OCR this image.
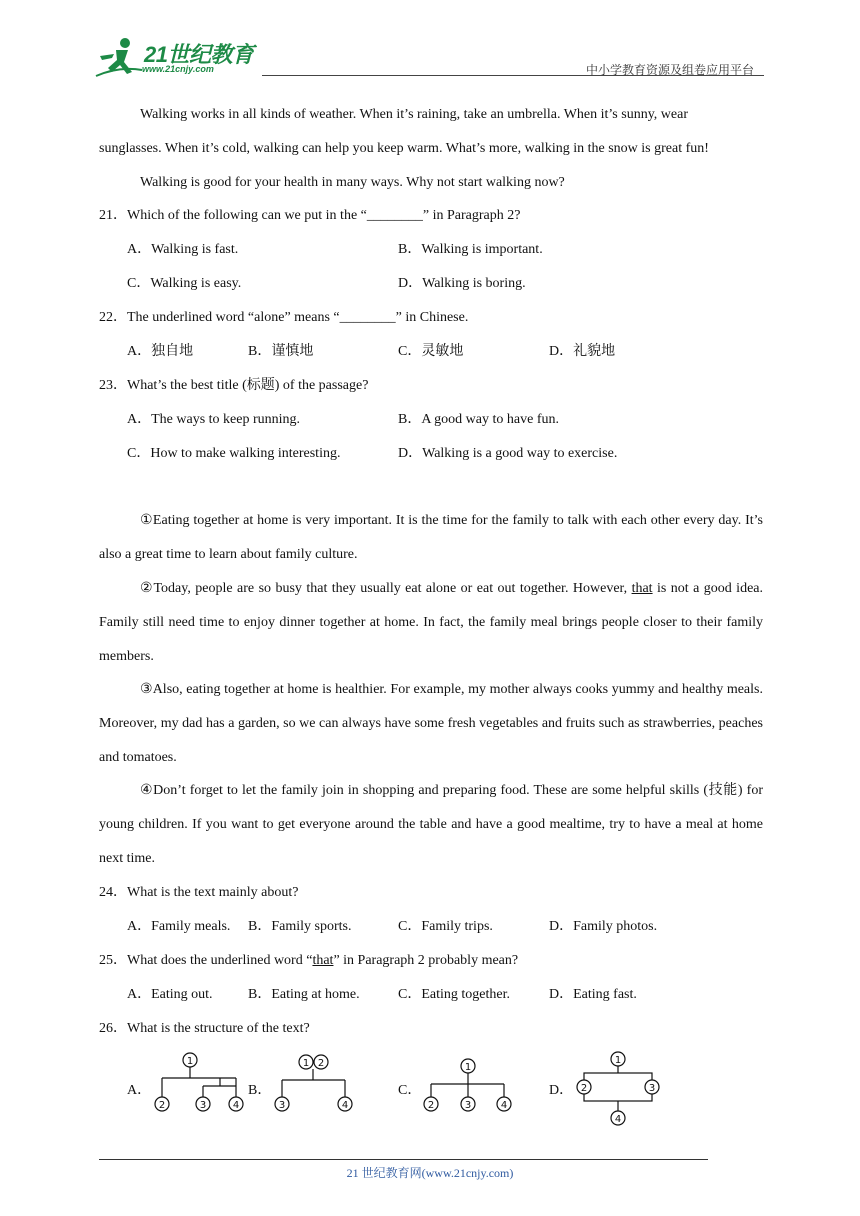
21世纪教育
www.21cnjy.com	中小学教育资源及组卷应用平台
Walking works in all kinds of weather. When it’s raining, take an umbrella. When it’s sunny, wear
sunglasses. When it’s cold, walking can help you keep warm. What’s more, walking in the snow is great fun!
Walking is good for your health in many ways. Why not start walking now?
21．Which of the following can we put in the “________” in Paragraph 2?
A．Walking is fast.	B．Walking is important.
C．Walking is easy.	D．Walking is boring.
22．The underlined word “alone” means “________” in Chinese.
A．独自地	B．谨慎地	C．灵敏地	D．礼貌地
23．What’s the best title (标题) of the passage?
A．The ways to keep running.	B．A good way to have fun.
C．How to make walking interesting.	D．Walking is a good way to exercise.

①Eating together at home is very important. It is the time for the family to talk with each other every day. It’s also a great time to learn about family culture.

②Today, people are so busy that they usually eat alone or eat out together. However, that is not a good idea. Family still need time to enjoy dinner together at home. In fact, the family meal brings people closer to their family members.

③Also, eating together at home is healthier. For example, my mother always cooks yummy and healthy meals. Moreover, my dad has a garden, so we can always have some fresh vegetables and fruits such as strawberries, peaches and tomatoes.

④Don’t forget to let the family join in shopping and preparing food. These are some helpful skills (技能) for young children. If you want to get everyone around the table and have a good mealtime, try to have a meal at home next time.

24．What is the text mainly about?
A．Family meals. B．Family sports.	C．Family trips.	D．Family photos.
25．What does the underlined word “that” in Paragraph 2 probably mean?
A．Eating out.	B．Eating at home.	C．Eating together.	D．Eating fast.
26．What is the structure of the text?
A．
1
2	3	4
B．
1 2
3	4
C．
1
2	3	4
D．
1
2	3
4
21 世纪教育网(www.21cnjy.com)
